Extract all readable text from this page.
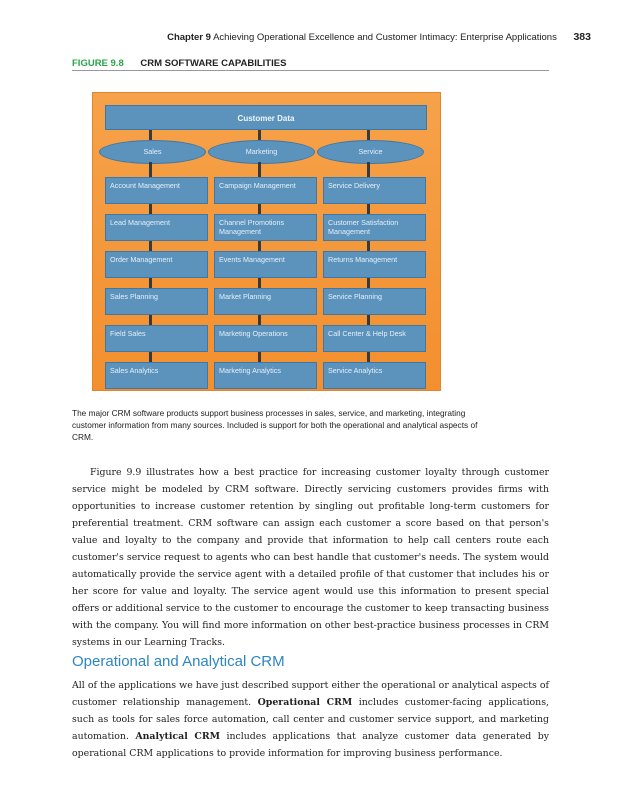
Chapter 9 Achieving Operational Excellence and Customer Intimacy: Enterprise Applications 383
FIGURE 9.8 CRM SOFTWARE CAPABILITIES
Customer Data
Sales	Marketing	Service
Account Management
Lead Management
Order Management
Sales Planning
Field Sales
Sales Analytics
Campaign Management
Channel Promotions Management
Events Management
Market Planning
Marketing Operations
Marketing Analytics
Service Delivery
Customer Satisfaction Management
Returns Management
Service Planning
Call Center & Help Desk
Service Analytics
The major CRM software products support business processes in sales, service, and marketing, integrating customer information from many sources. Included is support for both the operational and analytical aspects of CRM.
Figure 9.9 illustrates how a best practice for increasing customer loyalty through customer service might be modeled by CRM software. Directly servicing customers provides firms with opportunities to increase customer retention by singling out profitable long-term customers for preferential treatment. CRM software can assign each customer a score based on that person's value and loyalty to the company and provide that information to help call centers route each customer's service request to agents who can best handle that customer's needs. The system would automatically provide the service agent with a detailed profile of that customer that includes his or her score for value and loyalty. The service agent would use this information to present special offers or additional service to the customer to encourage the customer to keep transacting business with the company. You will find more information on other best-practice business processes in CRM systems in our Learning Tracks.
Operational and Analytical CRM
All of the applications we have just described support either the operational or analytical aspects of customer relationship management. Operational CRM includes customer-facing applications, such as tools for sales force automation, call center and customer service support, and marketing automation. Analytical CRM includes applications that analyze customer data generated by operational CRM applications to provide information for improving business performance.
